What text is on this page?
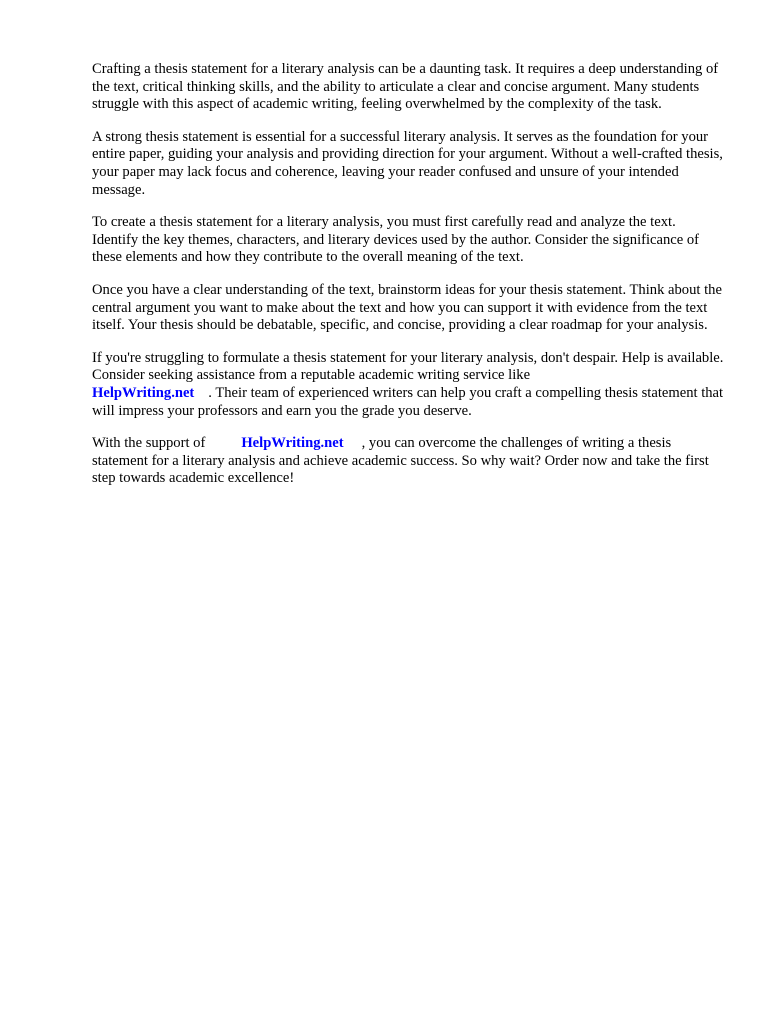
Crafting a thesis statement for a literary analysis can be a daunting task. It requires a deep understanding of the text, critical thinking skills, and the ability to articulate a clear and concise argument. Many students struggle with this aspect of academic writing, feeling overwhelmed by the complexity of the task.

A strong thesis statement is essential for a successful literary analysis. It serves as the foundation for your entire paper, guiding your analysis and providing direction for your argument. Without a well-crafted thesis, your paper may lack focus and coherence, leaving your reader confused and unsure of your intended message.

To create a thesis statement for a literary analysis, you must first carefully read and analyze the text. Identify the key themes, characters, and literary devices used by the author. Consider the significance of these elements and how they contribute to the overall meaning of the text.

Once you have a clear understanding of the text, brainstorm ideas for your thesis statement. Think about the central argument you want to make about the text and how you can support it with evidence from the text itself. Your thesis should be debatable, specific, and concise, providing a clear roadmap for your analysis.

If you're struggling to formulate a thesis statement for your literary analysis, don't despair. Help is available. Consider seeking assistance from a reputable academic writing service like
HelpWriting.net . Their team of experienced writers can help you craft a compelling thesis statement that will impress your professors and earn you the grade you deserve.

With the support of HelpWriting.net , you can overcome the challenges of writing a thesis statement for a literary analysis and achieve academic success. So why wait? Order now and take the first step towards academic excellence!
